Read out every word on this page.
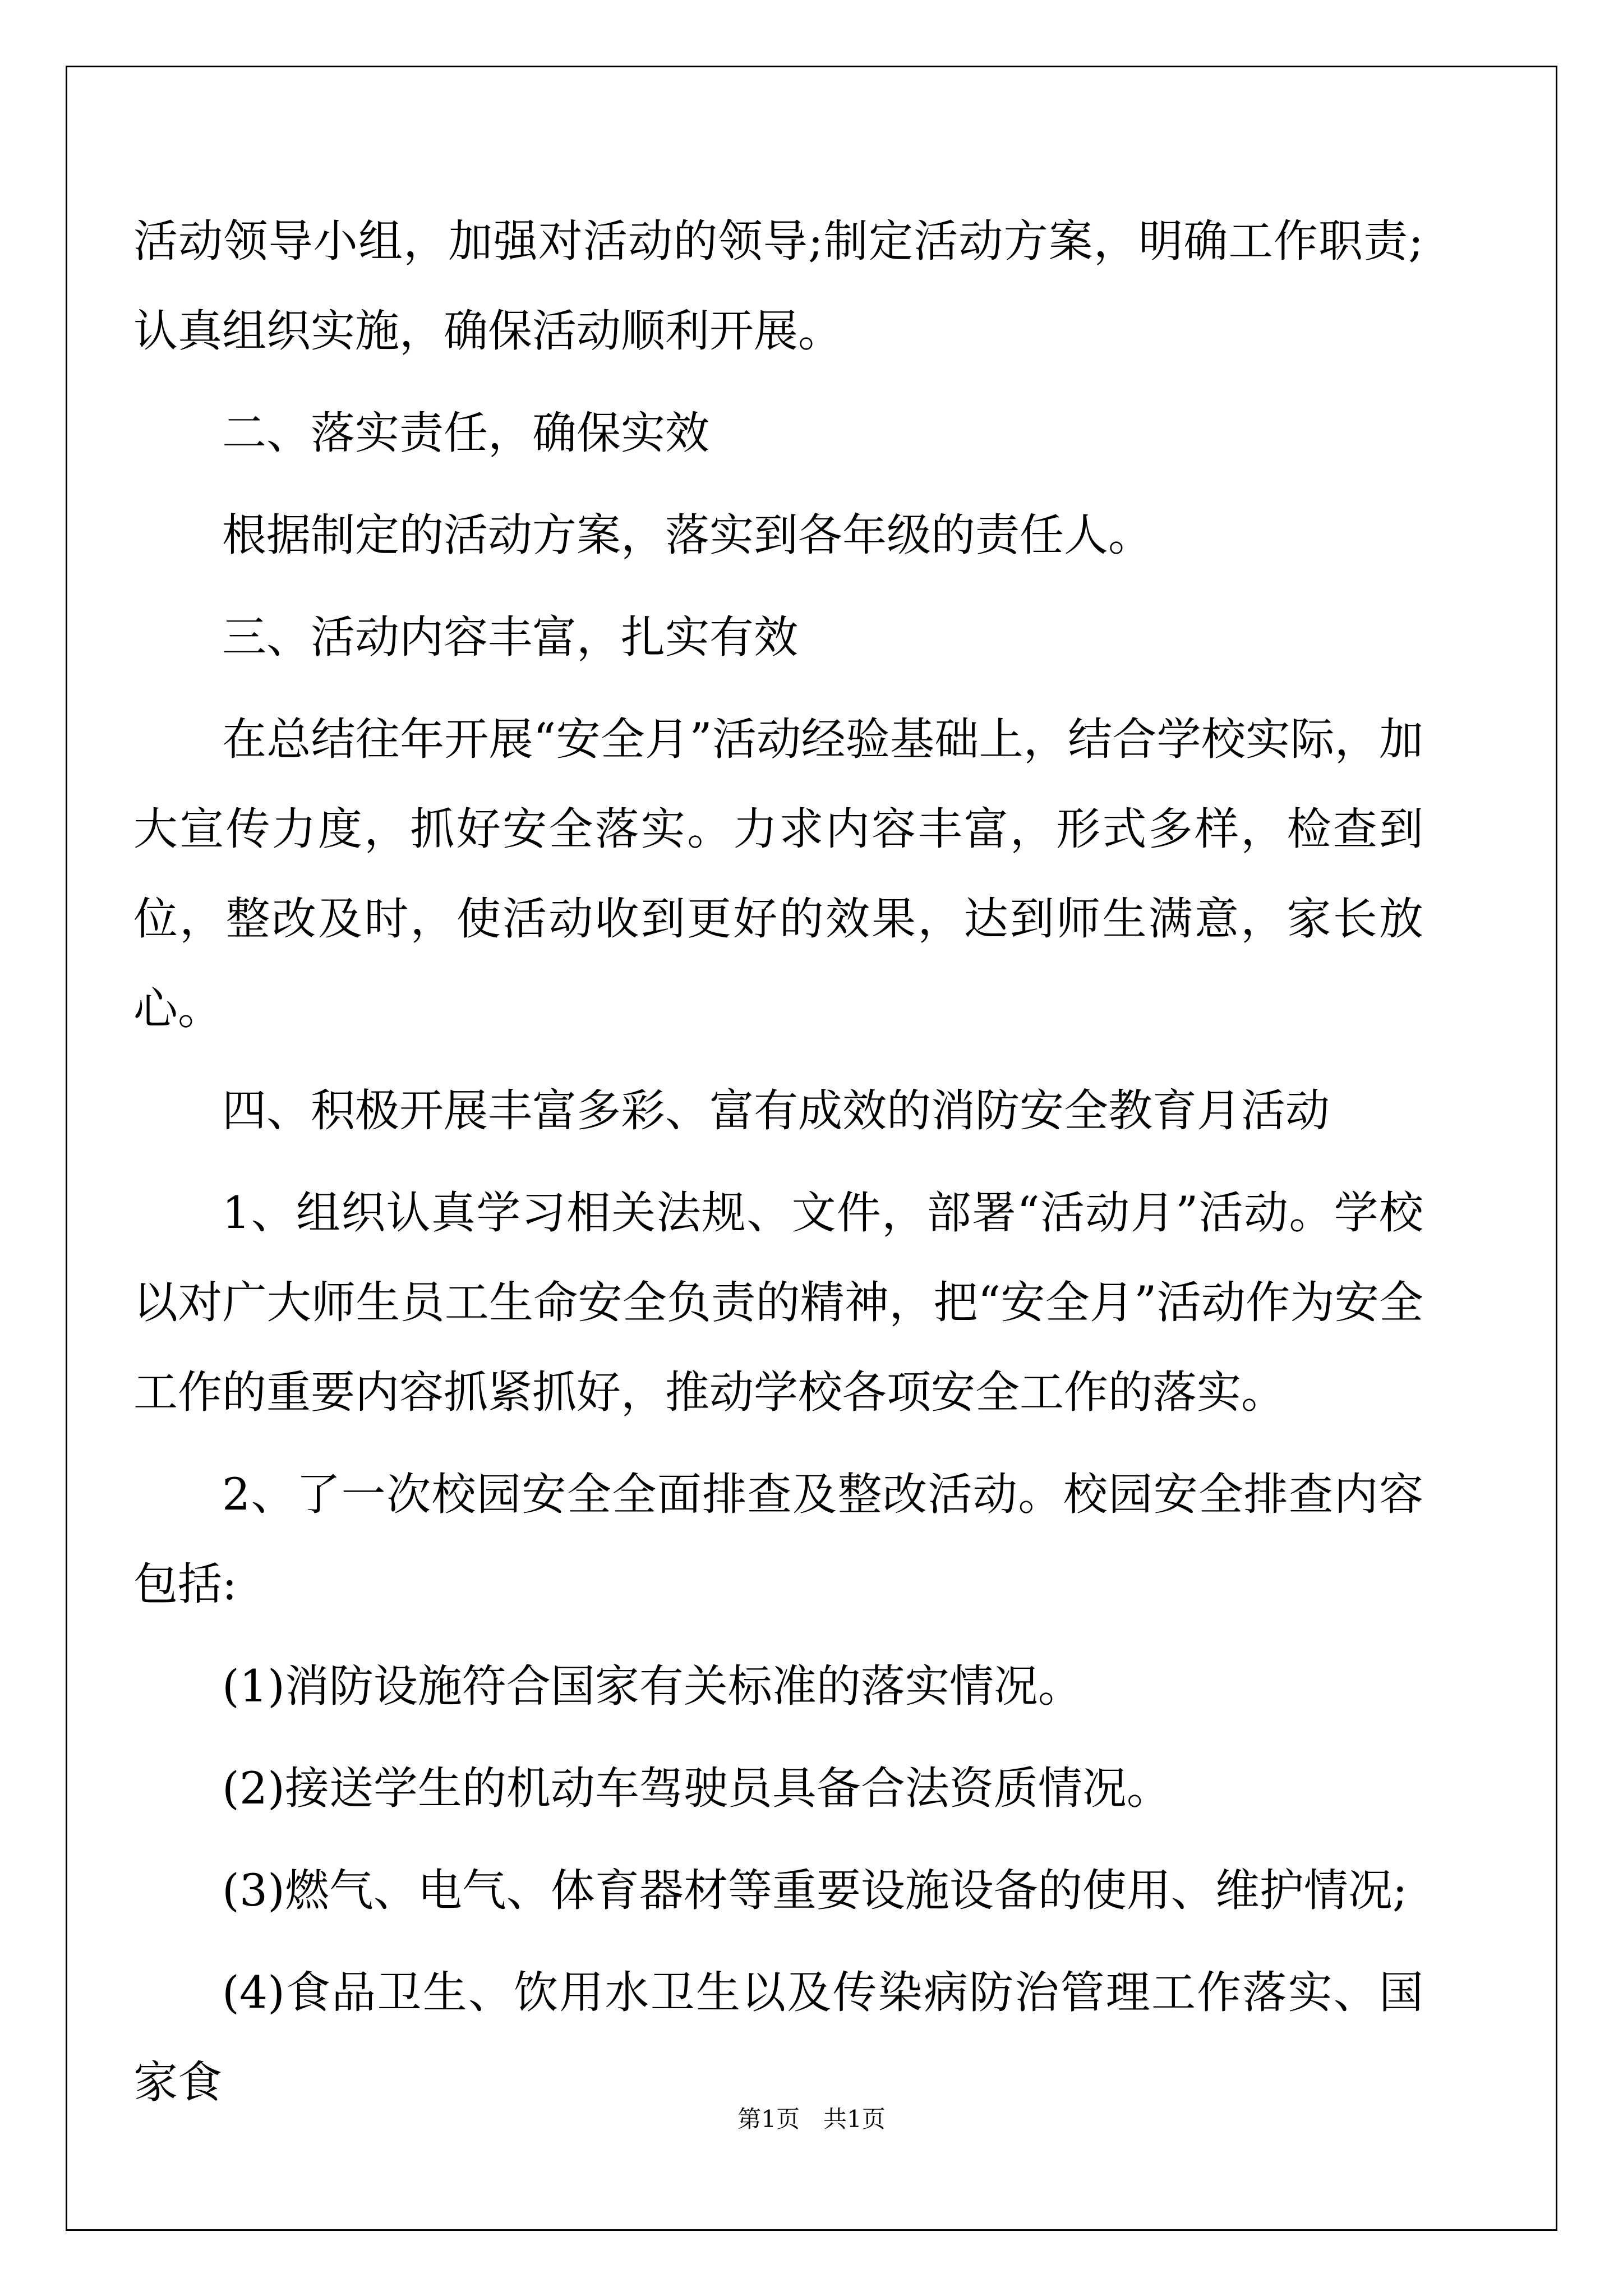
活动领导小组，加强对活动的领导;制定活动方案，明确工作职责;认真组织实施，确保活动顺利开展。

二、落实责任，确保实效

根据制定的活动方案，落实到各年级的责任人。

三、活动内容丰富，扎实有效

在总结往年开展“安全月”活动经验基础上，结合学校实际，加大宣传力度，抓好安全落实。力求内容丰富，形式多样，检查到位，整改及时，使活动收到更好的效果，达到师生满意，家长放心。

四、积极开展丰富多彩、富有成效的消防安全教育月活动

1、组织认真学习相关法规、文件，部署“活动月”活动。学校以对广大师生员工生命安全负责的精神，把“安全月”活动作为安全工作的重要内容抓紧抓好，推动学校各项安全工作的落实。

2、了一次校园安全全面排查及整改活动。校园安全排查内容包括:

(1)消防设施符合国家有关标准的落实情况。

(2)接送学生的机动车驾驶员具备合法资质情况。

(3)燃气、电气、体育器材等重要设施设备的使用、维护情况;

(4)食品卫生、饮用水卫生以及传染病防治管理工作落实、国家食

第1页　共1页
